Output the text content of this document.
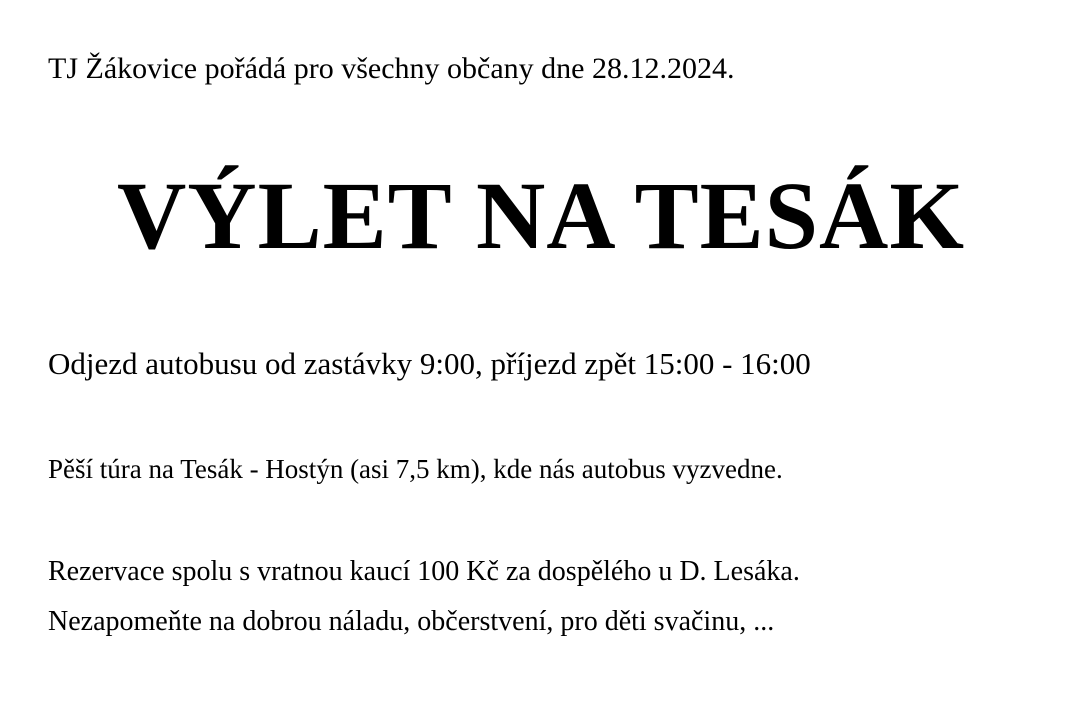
TJ Žákovice pořádá pro všechny občany dne 28.12.2024.

VÝLET NA TESÁK

Odjezd autobusu od zastávky 9:00, příjezd zpět 15:00 - 16:00

Pěší túra na Tesák - Hostýn (asi 7,5 km), kde nás autobus vyzvedne.

Rezervace spolu s vratnou kaucí 100 Kč za dospělého u D. Lesáka.

Nezapomeňte na dobrou náladu, občerstvení, pro děti svačinu, ...
